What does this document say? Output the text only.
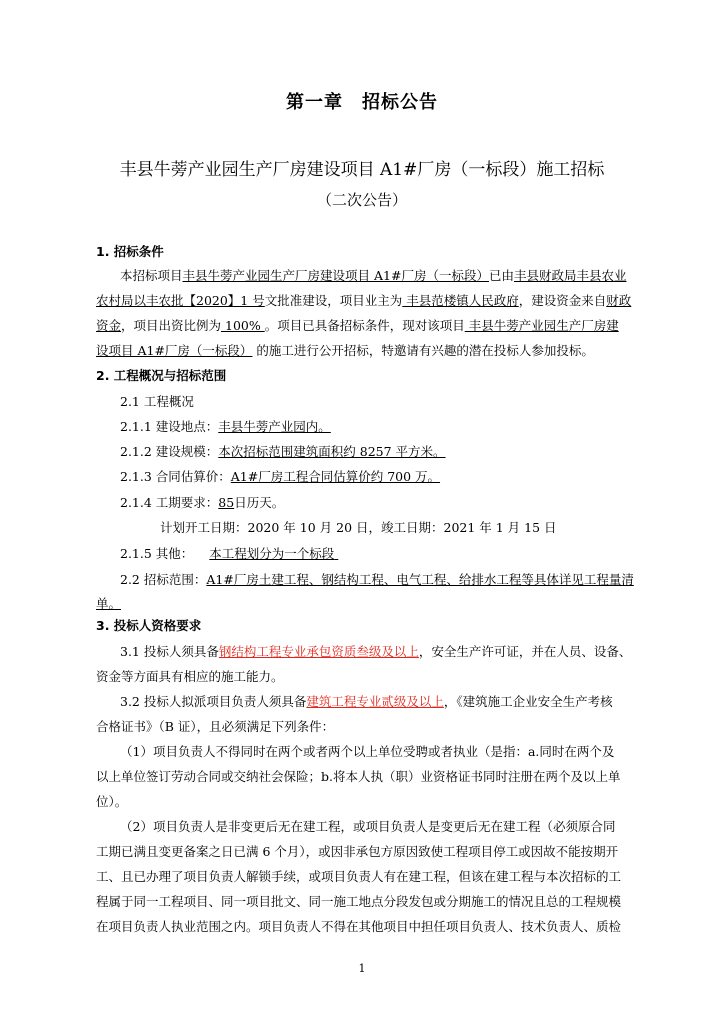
第一章　招标公告
丰县牛蒡产业园生产厂房建设项目 A1#厂房（一标段）施工招标
（二次公告）
1. 招标条件
本招标项目丰县牛蒡产业园生产厂房建设项目 A1#厂房（一标段）已由丰县财政局丰县农业
农村局以丰农批【2020】1 号文批准建设，项目业主为 丰县范楼镇人民政府，建设资金来自财政
资金，项目出资比例为 100% 。项目已具备招标条件，现对该项目 丰县牛蒡产业园生产厂房建
设项目 A1#厂房（一标段） 的施工进行公开招标，特邀请有兴趣的潜在投标人参加投标。
2. 工程概况与招标范围
2.1 工程概况
2.1.1 建设地点：丰县牛蒡产业园内。
2.1.2 建设规模：本次招标范围建筑面积约 8257 平方米。
2.1.3 合同估算价：A1#厂房工程合同估算价约 700 万。
2.1.4 工期要求：85日历天。
计划开工日期：2020 年 10 月 20 日，竣工日期：2021 年 1 月 15 日
2.1.5 其他： 本工程划分为一个标段
2.2 招标范围：A1#厂房土建工程、钢结构工程、电气工程、给排水工程等具体详见工程量清
单。
3. 投标人资格要求
3.1 投标人须具备钢结构工程专业承包资质叁级及以上，安全生产许可证，并在人员、设备、
资金等方面具有相应的施工能力。
3.2 投标人拟派项目负责人须具备建筑工程专业贰级及以上，《建筑施工企业安全生产考核
合格证书》（B 证），且必须满足下列条件：
（1）项目负责人不得同时在两个或者两个以上单位受聘或者执业（是指：a.同时在两个及
以上单位签订劳动合同或交纳社会保险；b.将本人执（职）业资格证书同时注册在两个及以上单
位）。
（2）项目负责人是非变更后无在建工程，或项目负责人是变更后无在建工程（必须原合同
工期已满且变更备案之日已满 6 个月），或因非承包方原因致使工程项目停工或因故不能按期开
工、且已办理了项目负责人解锁手续，或项目负责人有在建工程，但该在建工程与本次招标的工
程属于同一工程项目、同一项目批文、同一施工地点分段发包或分期施工的情况且总的工程规模
在项目负责人执业范围之内。项目负责人不得在其他项目中担任项目负责人、技术负责人、质检
1
